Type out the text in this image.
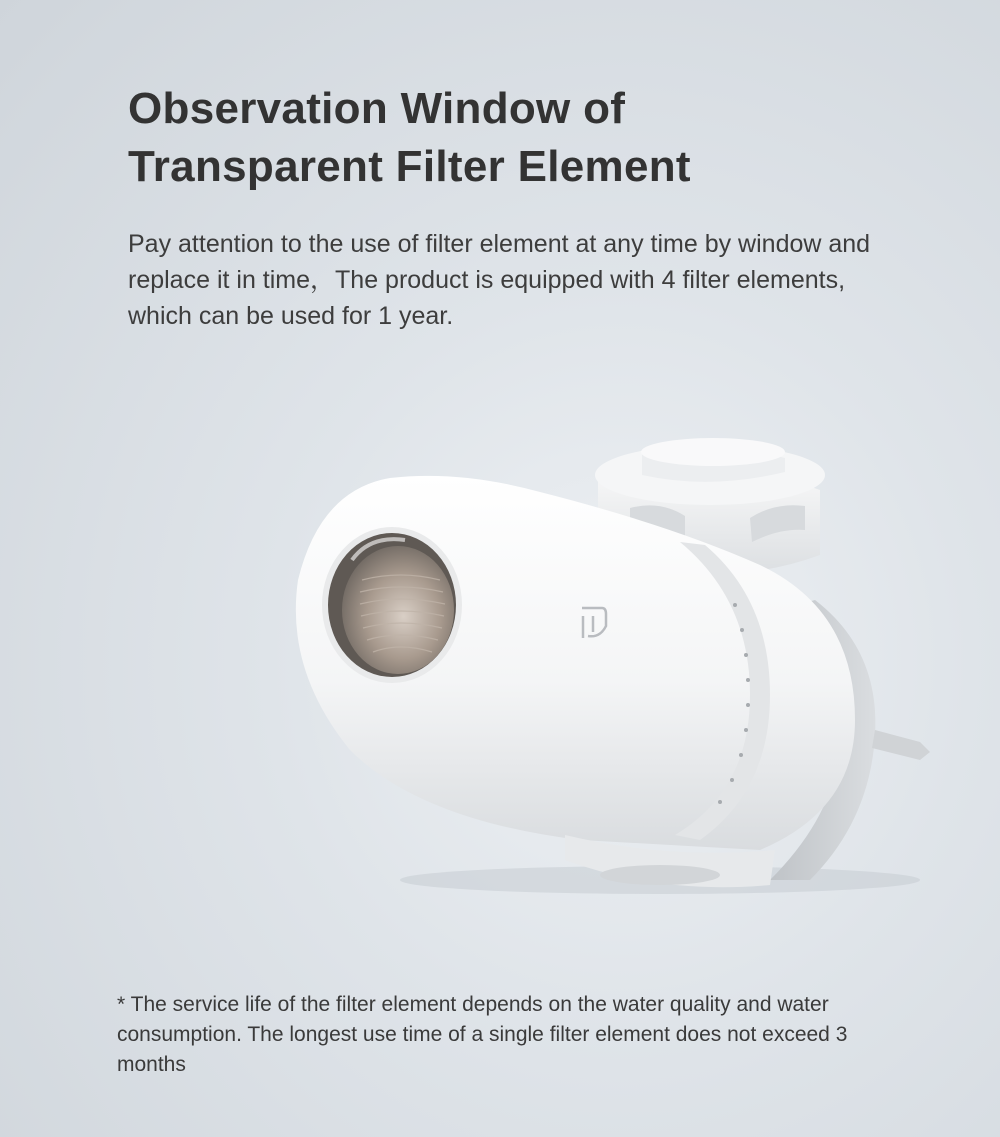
Observation Window of
Transparent Filter Element

Pay attention to the use of filter element at any time by window and replace it in time，The product is equipped with 4 filter elements, which can be used for 1 year.

* The service life of the filter element depends on the water quality and water consumption. The longest use time of a single filter element does not exceed 3 months
